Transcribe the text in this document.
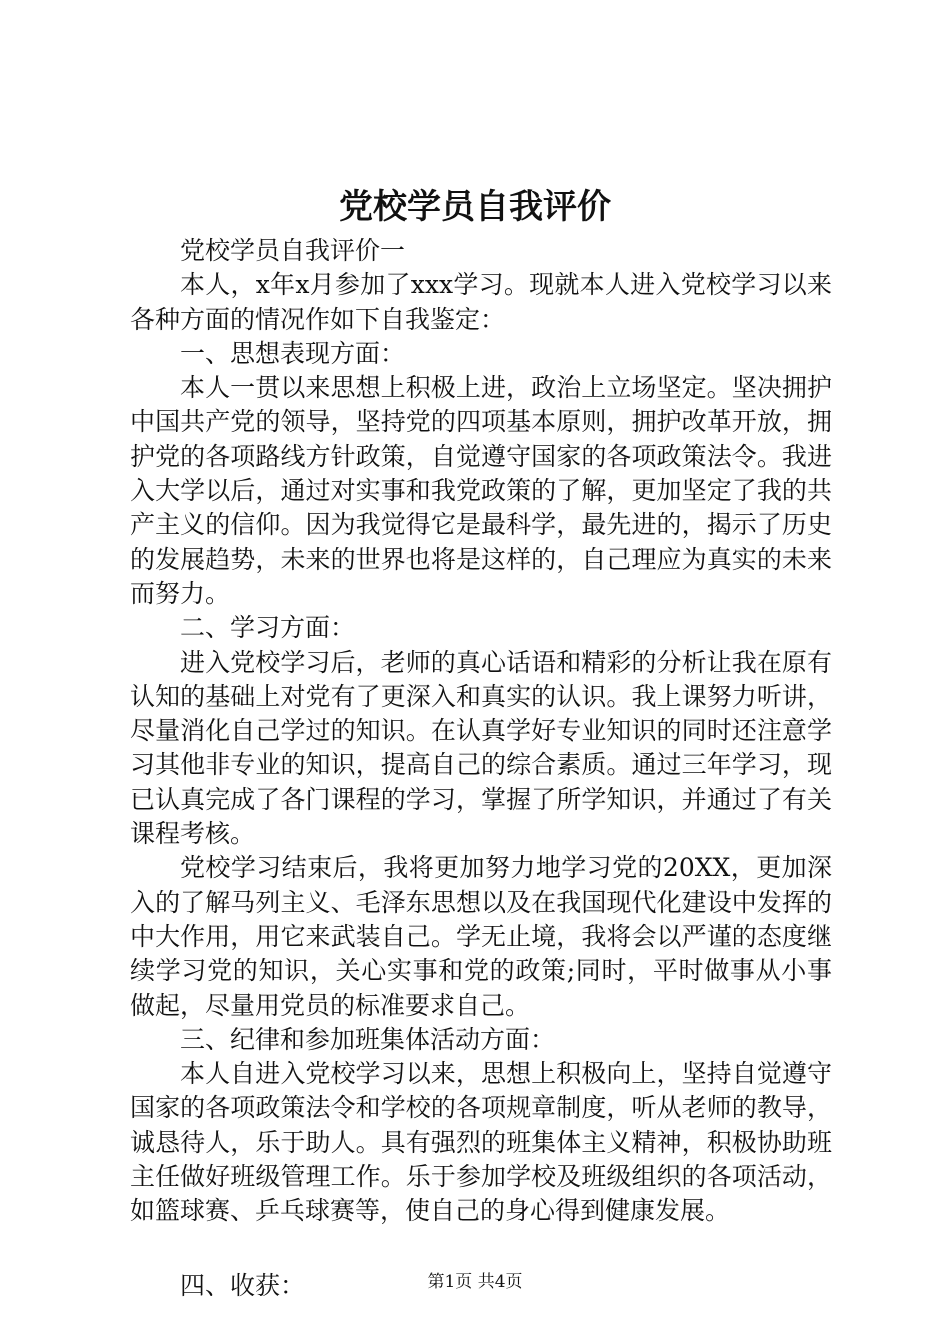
党校学员自我评价

党校学员自我评价一

本人，x年x月参加了xxx学习。现就本人进入党校学习以来各种方面的情况作如下自我鉴定：

一、思想表现方面：

本人一贯以来思想上积极上进，政治上立场坚定。坚决拥护中国共产党的领导，坚持党的四项基本原则，拥护改革开放，拥护党的各项路线方针政策，自觉遵守国家的各项政策法令。我进入大学以后，通过对实事和我党政策的了解，更加坚定了我的共产主义的信仰。因为我觉得它是最科学，最先进的，揭示了历史的发展趋势，未来的世界也将是这样的，自己理应为真实的未来而努力。

二、学习方面：

进入党校学习后，老师的真心话语和精彩的分析让我在原有认知的基础上对党有了更深入和真实的认识。我上课努力听讲，尽量消化自己学过的知识。在认真学好专业知识的同时还注意学习其他非专业的知识，提高自己的综合素质。通过三年学习，现已认真完成了各门课程的学习，掌握了所学知识，并通过了有关课程考核。

党校学习结束后，我将更加努力地学习党的20XX，更加深入的了解马列主义、毛泽东思想以及在我国现代化建设中发挥的中大作用，用它来武装自己。学无止境，我将会以严谨的态度继续学习党的知识，关心实事和党的政策;同时，平时做事从小事做起，尽量用党员的标准要求自己。

三、纪律和参加班集体活动方面：

本人自进入党校学习以来，思想上积极向上，坚持自觉遵守国家的各项政策法令和学校的各项规章制度，听从老师的教导，诚恳待人，乐于助人。具有强烈的班集体主义精神，积极协助班主任做好班级管理工作。乐于参加学校及班级组织的各项活动，如篮球赛、乒乓球赛等，使自己的身心得到健康发展。

四、收获：	第1页 共4页
